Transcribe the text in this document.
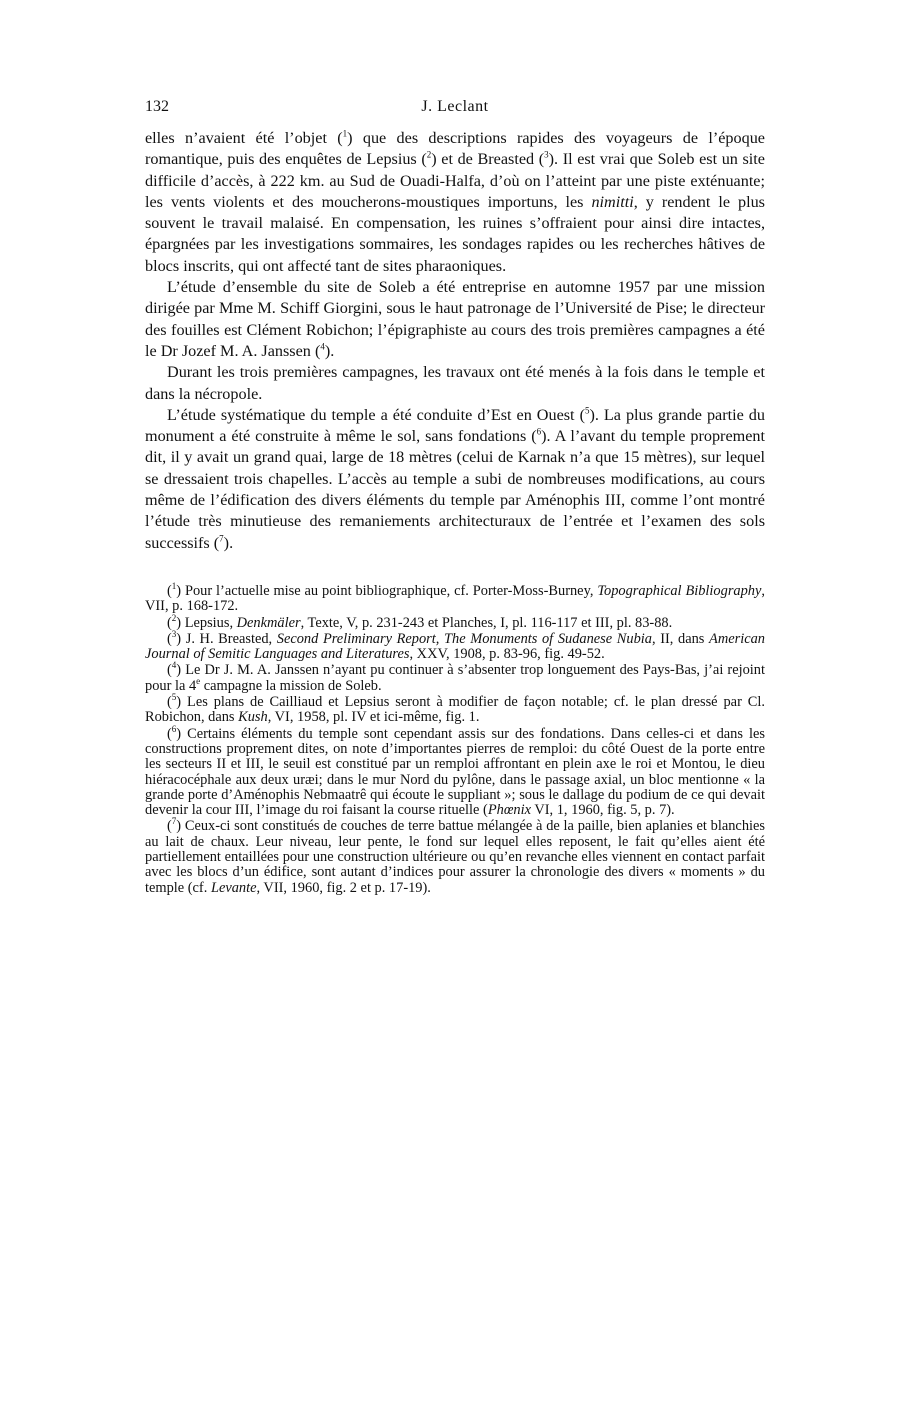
132	J. Leclant

elles n’avaient été l’objet ( $^1$ ) que des descriptions rapides des voyageurs de l’époque romantique, puis des enquêtes de Lepsius ( $^2$ ) et de Breasted ( $^3$ ) . Il est vrai que Soleb est un site difficile d’accès, à 222 km. au Sud de Ouadi-Halfa, d’où on l’atteint par une piste exténuante; les vents violents et des moucherons-moustiques importuns, les nimitti, y rendent le plus souvent le travail malaisé. En compensation, les ruines s’offraient pour ainsi dire intactes, épargnées par les investigations sommaires, les sondages rapides ou les recherches hâtives de blocs inscrits, qui ont affecté tant de sites pharaoniques.

L’étude d’ensemble du site de Soleb a été entreprise en automne 1957 par une mission dirigée par Mme M. Schiff Giorgini, sous le haut patronage de l’Université de Pise; le directeur des fouilles est Clément Robichon; l’épigraphiste au cours des trois premières campagnes a été le Dr Jozef M. A. Janssen ( $^4$ ) .

Durant les trois premières campagnes, les travaux ont été menés à la fois dans le temple et dans la nécropole.

L’étude systématique du temple a été conduite d’Est en Ouest ( $^5$ ) . La plus grande partie du monument a été construite à même le sol, sans fondations ( $^6$ ) . A l’avant du temple proprement dit, il y avait un grand quai, large de 18 mètres (celui de Karnak n’a que 15 mètres), sur lequel se dressaient trois chapelles. L’accès au temple a subi de nombreuses modifications, au cours même de l’édification des divers éléments du temple par Aménophis III, comme l’ont montré l’étude très minutieuse des remaniements architecturaux de l’entrée et l’examen des sols successifs ( $^7$ ) .

( $^1$ ) Pour l’actuelle mise au point bibliographique, cf. Porter-Moss-Burney, Topographical Bibliography, VII, p. 168-172.

( $^2$ ) Lepsius, Denkmäler, Texte, V, p. 231-243 et Planches, I, pl. 116-117 et III, pl. 83-88.

( $^3$ ) J. H. Breasted, Second Preliminary Report, The Monuments of Sudanese Nubia, II, dans American Journal of Semitic Languages and Literatures, XXV, 1908, p. 83-96, fig. 49-52.

( $^4$ ) Le Dr J. M. A. Janssen n’ayant pu continuer à s’absenter trop longuement des Pays-Bas, j’ai rejoint pour la 4e campagne la mission de Soleb.

( $^5$ ) Les plans de Cailliaud et Lepsius seront à modifier de façon notable; cf. le plan dressé par Cl. Robichon, dans Kush, VI, 1958, pl. IV et ici-même, fig. 1.

( $^6$ ) Certains éléments du temple sont cependant assis sur des fondations. Dans celles-ci et dans les constructions proprement dites, on note d’importantes pierres de remploi: du côté Ouest de la porte entre les secteurs II et III, le seuil est constitué par un remploi affrontant en plein axe le roi et Montou, le dieu hiéracocéphale aux deux uræi; dans le mur Nord du pylône, dans le passage axial, un bloc mentionne « la grande porte d’Aménophis Nebmaatrê qui écoute le suppliant »; sous le dallage du podium de ce qui devait devenir la cour III, l’image du roi faisant la course rituelle (Phœnix VI, 1, 1960, fig. 5, p. 7).

( $^7$ ) Ceux-ci sont constitués de couches de terre battue mélangée à de la paille, bien aplanies et blanchies au lait de chaux. Leur niveau, leur pente, le fond sur lequel elles reposent, le fait qu’elles aient été partiellement entaillées pour une construction ultérieure ou qu’en revanche elles viennent en contact parfait avec les blocs d’un édifice, sont autant d’indices pour assurer la chronologie des divers « moments » du temple (cf. Levante, VII, 1960, fig. 2 et p. 17-19).
